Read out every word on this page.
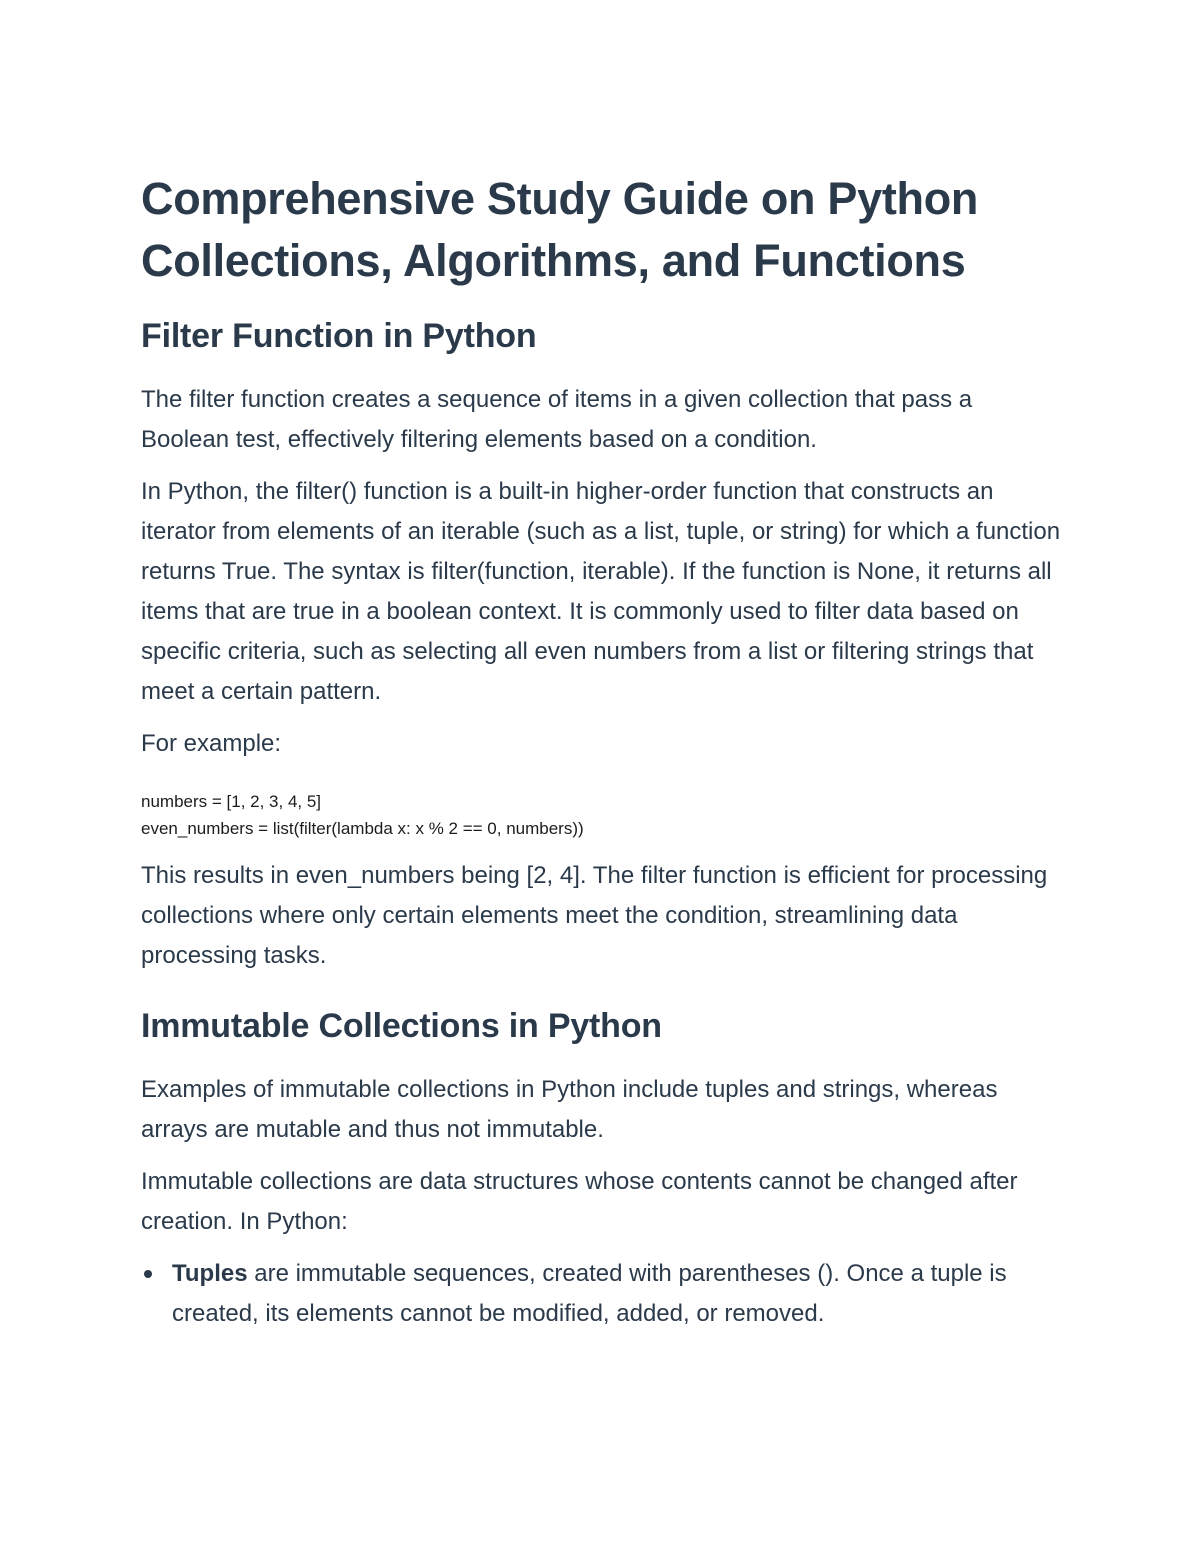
Comprehensive Study Guide on Python Collections, Algorithms, and Functions
Filter Function in Python

The filter function creates a sequence of items in a given collection that pass a Boolean test, effectively filtering elements based on a condition.

In Python, the filter() function is a built-in higher-order function that constructs an iterator from elements of an iterable (such as a list, tuple, or string) for which a function returns True. The syntax is filter(function, iterable). If the function is None, it returns all items that are true in a boolean context. It is commonly used to filter data based on specific criteria, such as selecting all even numbers from a list or filtering strings that meet a certain pattern.

For example:

numbers = [1, 2, 3, 4, 5]
even_numbers = list(filter(lambda x: x % 2 == 0, numbers))

This results in even_numbers being [2, 4]. The filter function is efficient for processing collections where only certain elements meet the condition, streamlining data processing tasks.

Immutable Collections in Python

Examples of immutable collections in Python include tuples and strings, whereas arrays are mutable and thus not immutable.

Immutable collections are data structures whose contents cannot be changed after creation. In Python:

Tuples are immutable sequences, created with parentheses (). Once a tuple is created, its elements cannot be modified, added, or removed.
